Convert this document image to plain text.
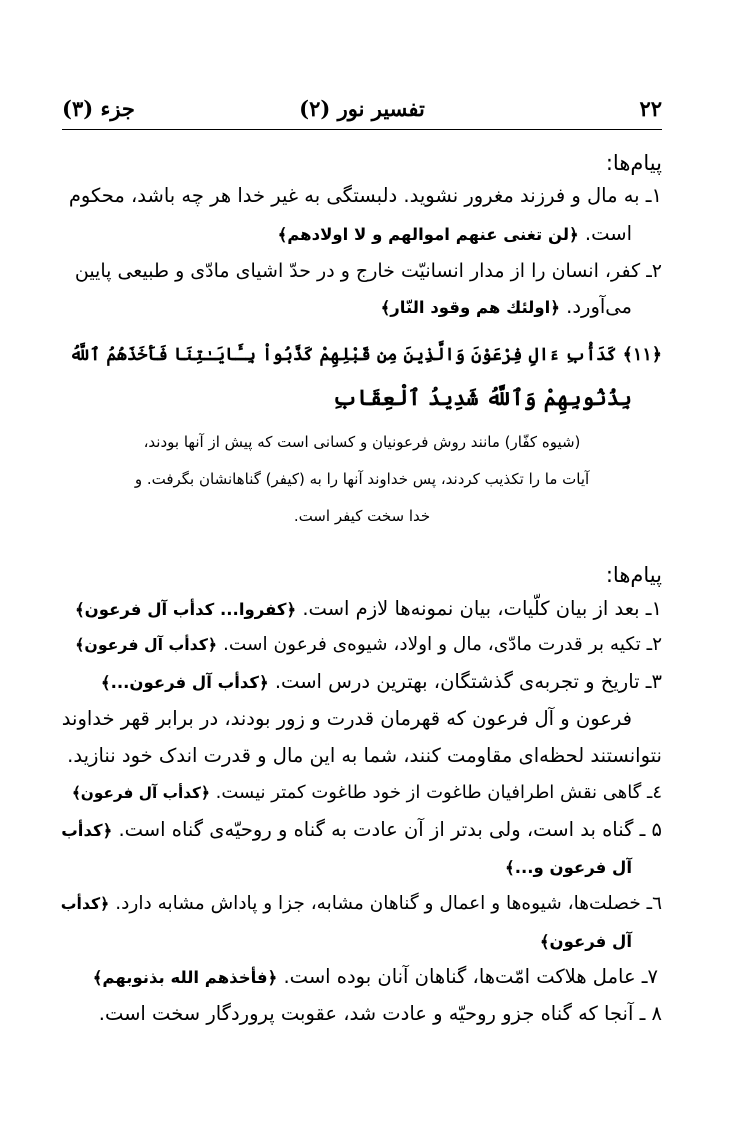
جزء (۳)	تفسیر نور (۲)	۲۲
پیام‌ها:
۱ـ به مال و فرزند مغرور نشوید. دلبستگی به غیر خدا هر چه باشد، محکوم
است. ﴿لن تغنی عنهم اموالهم و لا اولادهم﴾
۲ـ کفر، انسان را از مدار انسانیّت خارج و در حدّ اشیای مادّی و طبیعی پایین
می‌آورد. ﴿اولئك هم وقود النّار﴾
﴿۱۱﴾ كَدَأْبِ ءَالِ فِرْعَوْنَ وَالَّذِينَ مِن قَبْلِهِمْ كَذَّبُواْ بِـَٔايَـٰتِنَا فَأَخَذَهُمُ ٱللَّهُ
بِذُنُوبِهِمْ وَٱللَّهُ شَدِيدُ ٱلْعِقَابِ
(شیوه کفّار) مانند روش فرعونیان و کسانی است که پیش از آنها بودند،
آیات ما را تکذیب کردند، پس خداوند آنها را به (کیفر) گناهانشان بگرفت. و
خدا سخت کیفر است.
پیام‌ها:
۱ـ بعد از بیان کلّیات، بیان نمونه‌ها لازم است. ﴿کفروا... کدأب آل فرعون﴾
۲ـ تکیه بر قدرت مادّی، مال و اولاد، شیوه‌ی فرعون است. ﴿کدأب آل فرعون﴾
۳ـ تاریخ و تجربه‌ی گذشتگان، بهترین درس است. ﴿کدأب آل فرعون...﴾
فرعون و آل فرعون که قهرمان قدرت و زور بودند، در برابر قهر خداوند
نتوانستند لحظه‌ای مقاومت کنند، شما به این مال و قدرت اندک خود ننازید.
٤ـ گاهی نقش اطرافیان طاغوت از خود طاغوت کمتر نیست. ﴿کدأب آل فرعون﴾
۵ ـ گناه بد است، ولی بدتر از آن عادت به گناه و روحیّه‌ی گناه است. ﴿کدأب
آل فرعون و...﴾
٦ـ خصلت‌ها، شیوه‌ها و اعمال و گناهان مشابه، جزا و پاداش مشابه دارد. ﴿کدأب
آل فرعون﴾
۷ـ عامل هلاکت امّت‌ها، گناهان آنان بوده است. ﴿فأخذهم الله بذنوبهم﴾
۸ ـ آنجا که گناه جزو روحیّه و عادت شد، عقوبت پروردگار سخت است.
